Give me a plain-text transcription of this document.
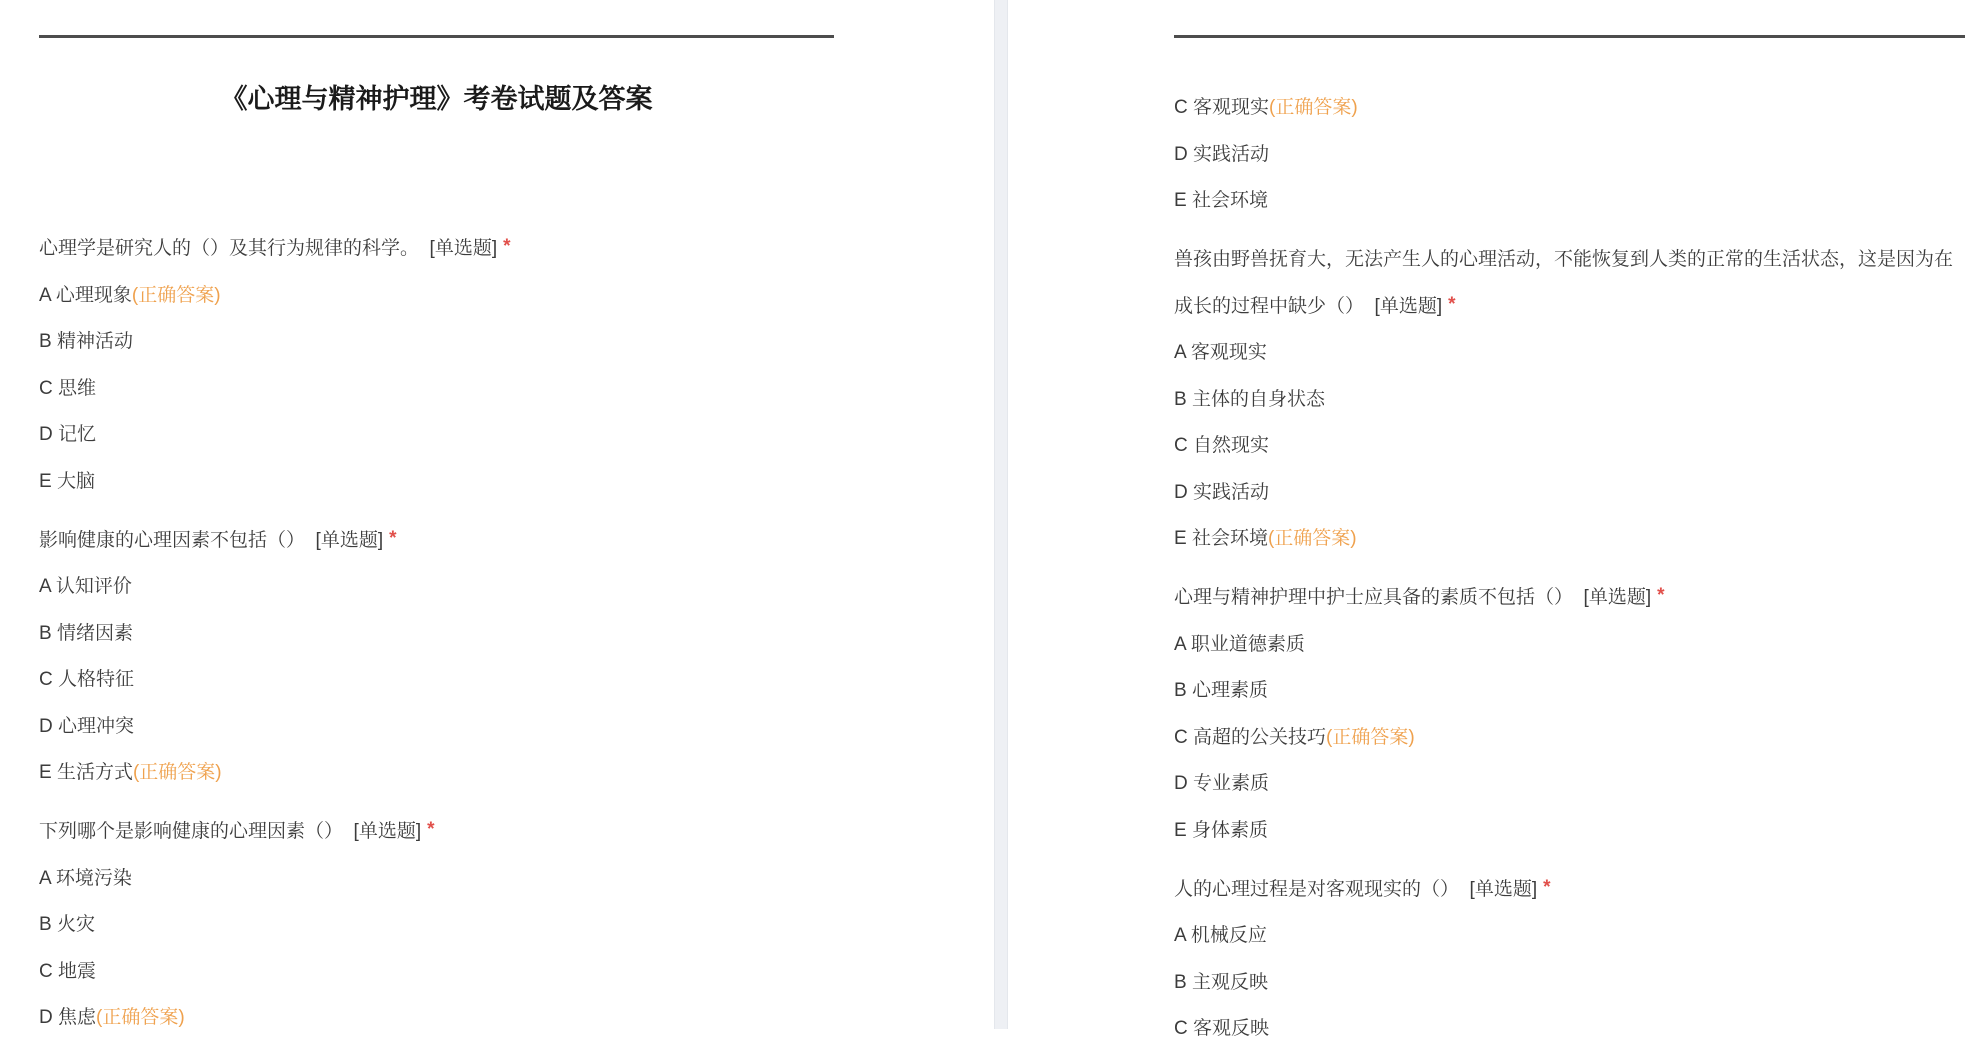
《心理与精神护理》考卷试题及答案
心理学是研究人的（）及其行为规律的科学。  [单选题] *
A 心理现象(正确答案)
B 精神活动
C 思维
D 记忆
E 大脑
影响健康的心理因素不包括（）  [单选题] *
A 认知评价
B 情绪因素
C 人格特征
D 心理冲突
E 生活方式(正确答案)
下列哪个是影响健康的心理因素（）  [单选题] *
A 环境污染
B 火灾
C 地震
D 焦虑(正确答案)
C 客观现实(正确答案)
D 实践活动
E 社会环境
兽孩由野兽抚育大，无法产生人的心理活动，不能恢复到人类的正常的生活状态，这是因为在
成长的过程中缺少（）  [单选题] *
A 客观现实
B 主体的自身状态
C 自然现实
D 实践活动
E 社会环境(正确答案)
心理与精神护理中护士应具备的素质不包括（）  [单选题] *
A 职业道德素质
B 心理素质
C 高超的公关技巧(正确答案)
D 专业素质
E 身体素质
人的心理过程是对客观现实的（）  [单选题] *
A 机械反应
B 主观反映
C 客观反映
